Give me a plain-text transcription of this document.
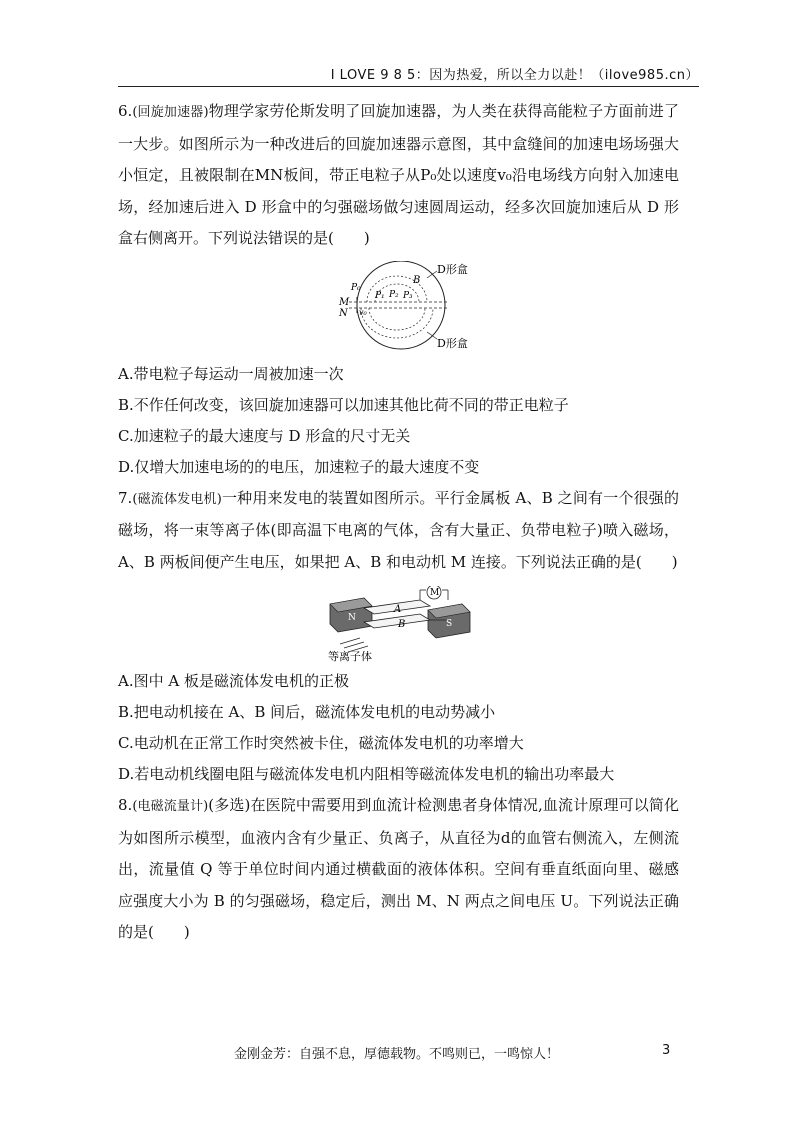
I LOVE 9 8 5：因为热爱，所以全力以赴！（ilove985.cn）

6.(回旋加速器)物理学家劳伦斯发明了回旋加速器，为人类在获得高能粒子方面前进了一大步。如图所示为一种改进后的回旋加速器示意图，其中盒缝间的加速电场场强大小恒定，且被限制在MN板间，带正电粒子从P₀处以速度v₀沿电场线方向射入加速电场，经加速后进入 D 形盒中的匀强磁场做匀速圆周运动，经多次回旋加速后从 D 形盒右侧离开。下列说法错误的是(　　)

D形盒
D形盒
B
M
N
P₀
P₁ P₂ P₃
v₀

A.带电粒子每运动一周被加速一次

B.不作任何改变，该回旋加速器可以加速其他比荷不同的带正电粒子

C.加速粒子的最大速度与 D 形盒的尺寸无关

D.仅增大加速电场的的电压，加速粒子的最大速度不变

7.(磁流体发电机)一种用来发电的装置如图所示。平行金属板 A、B 之间有一个很强的磁场，将一束等离子体(即高温下电离的气体，含有大量正、负带电粒子)喷入磁场，A、B 两板间便产生电压，如果把 A、B 和电动机 M 连接。下列说法正确的是(　　)

N
S
A
B
M
等离子体

A.图中 A 板是磁流体发电机的正极

B.把电动机接在 A、B 间后，磁流体发电机的电动势减小

C.电动机在正常工作时突然被卡住，磁流体发电机的功率增大

D.若电动机线圈电阻与磁流体发电机内阻相等磁流体发电机的输出功率最大

8.(电磁流量计)(多选)在医院中需要用到血流计检测患者身体情况,血流计原理可以简化为如图所示模型，血液内含有少量正、负离子，从直径为d的血管右侧流入，左侧流出，流量值 Q 等于单位时间内通过横截面的液体体积。空间有垂直纸面向里、磁感应强度大小为 B 的匀强磁场，稳定后，测出 M、N 两点之间电压 U。下列说法正确的是(　　)

金刚金芳：自强不息，厚德载物。不鸣则已，一鸣惊人！	3
